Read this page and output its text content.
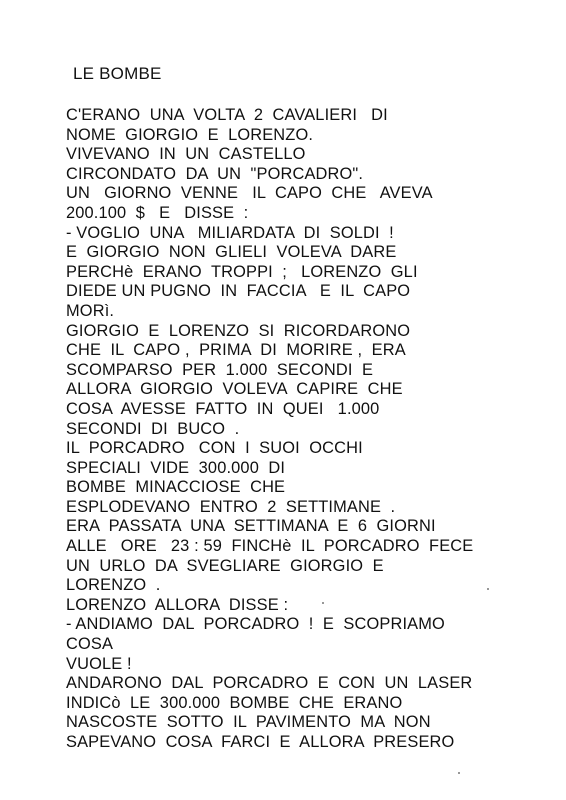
LE BOMBE
C'ERANO  UNA  VOLTA  2  CAVALIERI   DI
NOME  GIORGIO  E  LORENZO.
VIVEVANO  IN  UN  CASTELLO
CIRCONDATO  DA  UN  "PORCADRO".
UN   GIORNO  VENNE   IL  CAPO  CHE   AVEVA
200.100  $   E   DISSE  :
- VOGLIO  UNA   MILIARDATA  DI  SOLDI  !
E  GIORGIO  NON  GLIELI  VOLEVA  DARE
PERCHè  ERANO  TROPPI  ;   LORENZO  GLI
DIEDE UN PUGNO  IN  FACCIA   E  IL  CAPO
MORì.
GIORGIO  E  LORENZO  SI  RICORDARONO
CHE  IL  CAPO ,  PRIMA  DI  MORIRE ,  ERA
SCOMPARSO  PER  1.000  SECONDI  E
ALLORA  GIORGIO  VOLEVA  CAPIRE  CHE
COSA  AVESSE  FATTO  IN  QUEI   1.000
SECONDI  DI  BUCO  .
IL  PORCADRO   CON  I  SUOI  OCCHI
SPECIALI  VIDE  300.000  DI
BOMBE  MINACCIOSE  CHE
ESPLODEVANO  ENTRO  2  SETTIMANE  .
ERA  PASSATA  UNA  SETTIMANA  E  6  GIORNI
ALLE   ORE   23 : 59  FINCHè  IL  PORCADRO  FECE
UN  URLO  DA  SVEGLIARE  GIORGIO  E
LORENZO  .
LORENZO  ALLORA  DISSE :
- ANDIAMO  DAL  PORCADRO  !  E  SCOPRIAMO
COSA
VUOLE !
ANDARONO  DAL  PORCADRO  E  CON  UN  LASER
INDICò  LE  300.000  BOMBE  CHE  ERANO
NASCOSTE  SOTTO  IL  PAVIMENTO  MA  NON
SAPEVANO  COSA  FARCI  E  ALLORA  PRESERO
